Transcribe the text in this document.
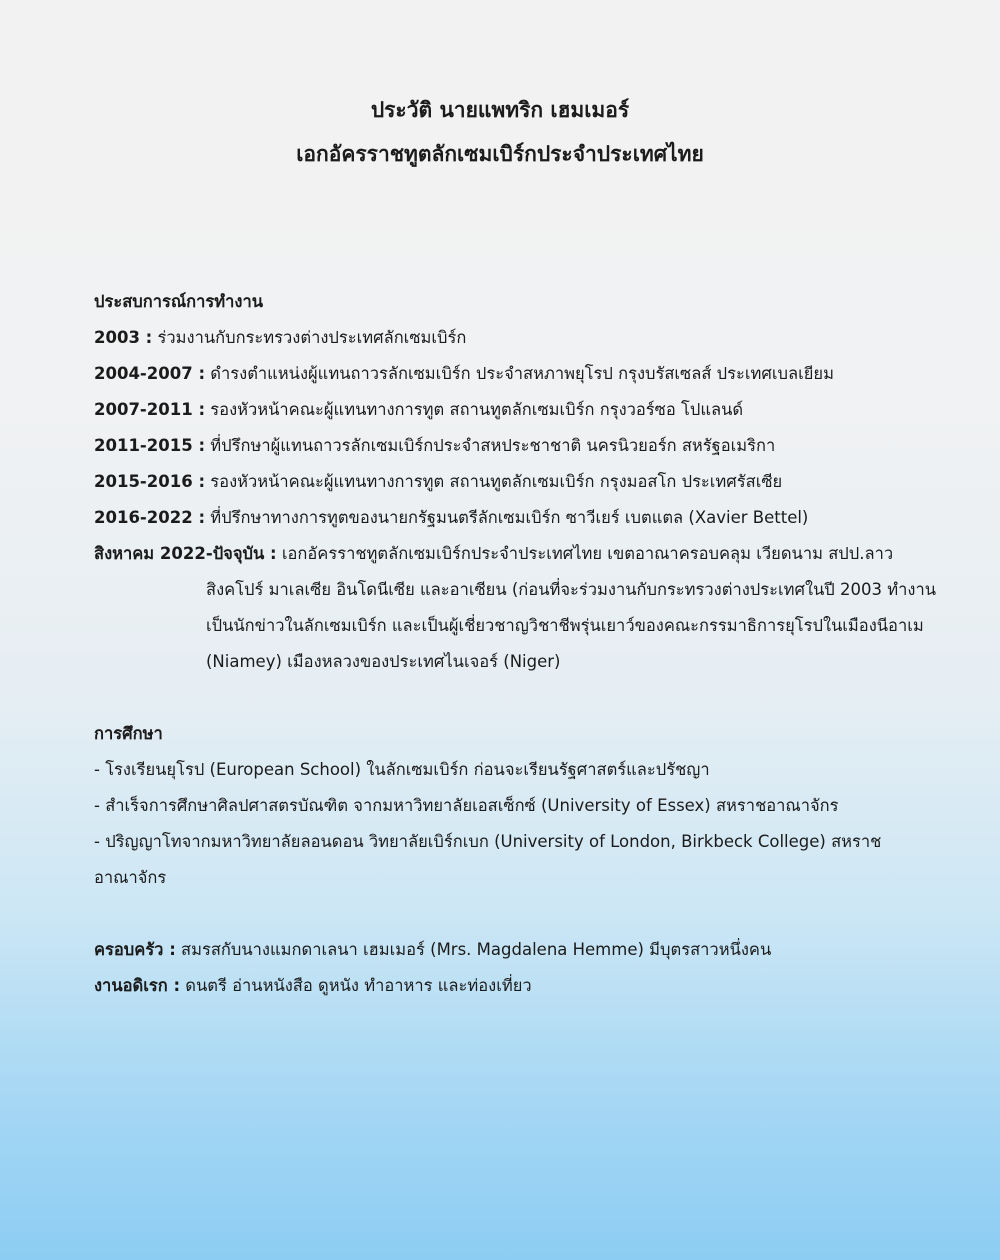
ประวัติ นายแพทริก เฮมเมอร์
เอกอัครราชทูตลักเซมเบิร์กประจำประเทศไทย
ประสบการณ์การทำงาน
2003 : ร่วมงานกับกระทรวงต่างประเทศลักเซมเบิร์ก
2004-2007 : ดำรงตำแหน่งผู้แทนถาวรลักเซมเบิร์ก ประจำสหภาพยุโรป กรุงบรัสเซลส์ ประเทศเบลเยียม
2007-2011 : รองหัวหน้าคณะผู้แทนทางการทูต สถานทูตลักเซมเบิร์ก กรุงวอร์ซอ โปแลนด์
2011-2015 : ที่ปรึกษาผู้แทนถาวรลักเซมเบิร์กประจำสหประชาชาติ นครนิวยอร์ก สหรัฐอเมริกา
2015-2016 : รองหัวหน้าคณะผู้แทนทางการทูต สถานทูตลักเซมเบิร์ก กรุงมอสโก ประเทศรัสเซีย
2016-2022 : ที่ปรึกษาทางการทูตของนายกรัฐมนตรีลักเซมเบิร์ก ซาวีเยร์ เบตแตล (Xavier Bettel)
สิงหาคม 2022-ปัจจุบัน : เอกอัครราชทูตลักเซมเบิร์กประจำประเทศไทย เขตอาณาครอบคลุม เวียดนาม สปป.ลาว
สิงคโปร์ มาเลเซีย อินโดนีเซีย และอาเซียน (ก่อนที่จะร่วมงานกับกระทรวงต่างประเทศในปี 2003 ทำงาน
เป็นนักข่าวในลักเซมเบิร์ก และเป็นผู้เชี่ยวชาญวิชาชีพรุ่นเยาว์ของคณะกรรมาธิการยุโรปในเมืองนีอาเม
(Niamey) เมืองหลวงของประเทศไนเจอร์ (Niger)
การศึกษา
- โรงเรียนยุโรป (European School) ในลักเซมเบิร์ก ก่อนจะเรียนรัฐศาสตร์และปรัชญา
- สำเร็จการศึกษาศิลปศาสตรบัณฑิต จากมหาวิทยาลัยเอสเซ็กซ์ (University of Essex) สหราชอาณาจักร
- ปริญญาโทจากมหาวิทยาลัยลอนดอน วิทยาลัยเบิร์กเบก (University of London, Birkbeck College) สหราช
อาณาจักร
ครอบครัว : สมรสกับนางแมกดาเลนา เฮมเมอร์ (Mrs. Magdalena Hemme) มีบุตรสาวหนึ่งคน
งานอดิเรก : ดนตรี อ่านหนังสือ ดูหนัง ทำอาหาร และท่องเที่ยว
